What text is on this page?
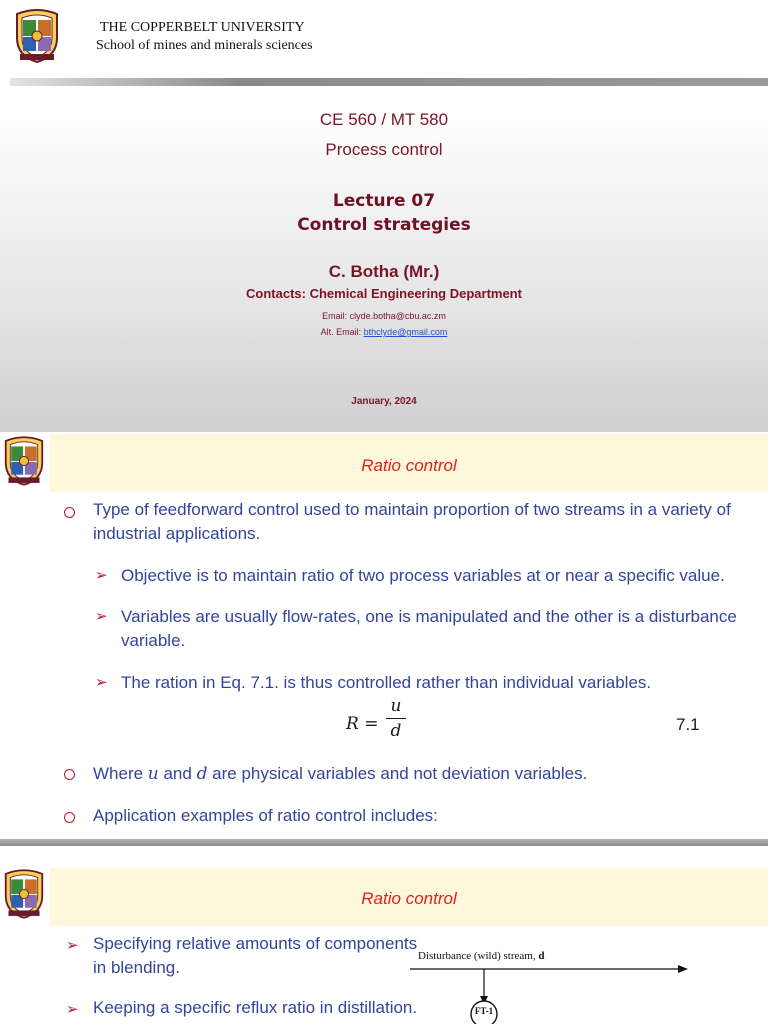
THE COPPERBELT UNIVERSITY
School of mines and minerals sciences
CE 560 / MT 580
Process control
Lecture 07
Control strategies
C. Botha (Mr.)
Contacts: Chemical Engineering Department
Email: clyde.botha@cbu.ac.zm
Alt. Email: bthclyde@gmail.com
January, 2024
Ratio control
Type of feedforward control used to maintain proportion of two streams in a variety of
industrial applications.
➢ Objective is to maintain ratio of two process variables at or near a specific value.
➢ Variables are usually flow-rates, one is manipulated and the other is a disturbance
variable.
➢ The ration in Eq. 7.1. is thus controlled rather than individual variables.
R =
u
d	7.1
Where u and d are physical variables and not deviation variables.
Application examples of ratio control includes:
Ratio control
➢ Specifying relative amounts of components
in blending.
➢ Keeping a specific reflux ratio in distillation.
Disturbance (wild) stream, d
FT-1
